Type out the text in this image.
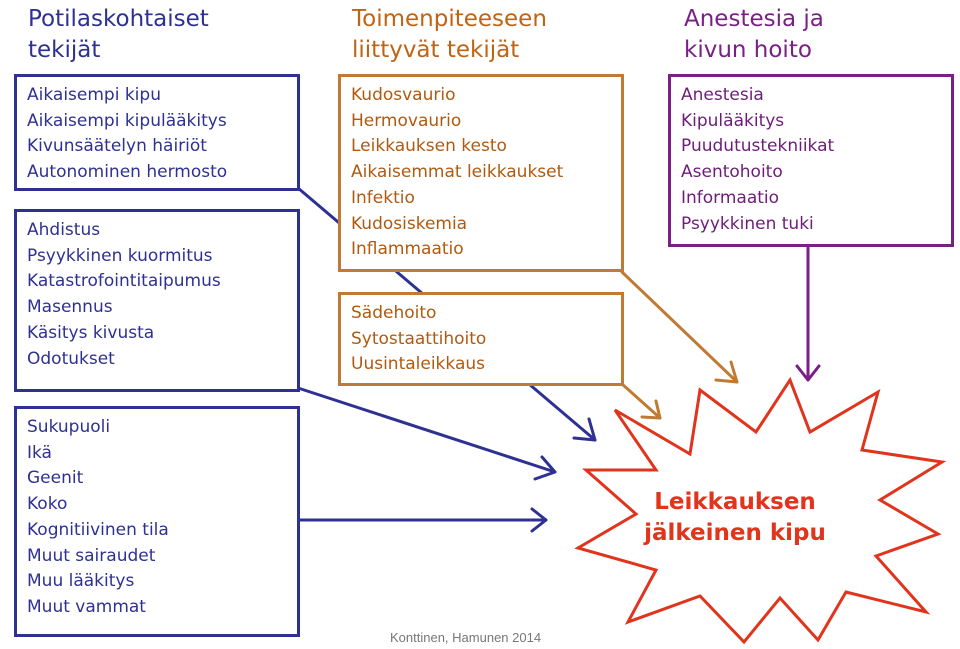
Potilaskohtaiset
tekijät
Toimenpiteeseen
liittyvät tekijät
Anestesia ja
kivun hoito
Aikaisempi kipu
Aikaisempi kipulääkitys
Kivunsäätelyn häiriöt
Autonominen hermosto
Ahdistus
Psyykkinen kuormitus
Katastrofointitaipumus
Masennus
Käsitys kivusta
Odotukset
Sukupuoli
Ikä
Geenit
Koko
Kognitiivinen tila
Muut sairaudet
Muu lääkitys
Muut vammat
Kudosvaurio
Hermovaurio
Leikkauksen kesto
Aikaisemmat leikkaukset
Infektio
Kudosiskemia
Inflammaatio
Sädehoito
Sytostaattihoito
Uusintaleikkaus
Anestesia
Kipulääkitys
Puudutustekniikat
Asentohoito
Informaatio
Psyykkinen tuki
Leikkauksen
jälkeinen kipu
Konttinen, Hamunen 2014
